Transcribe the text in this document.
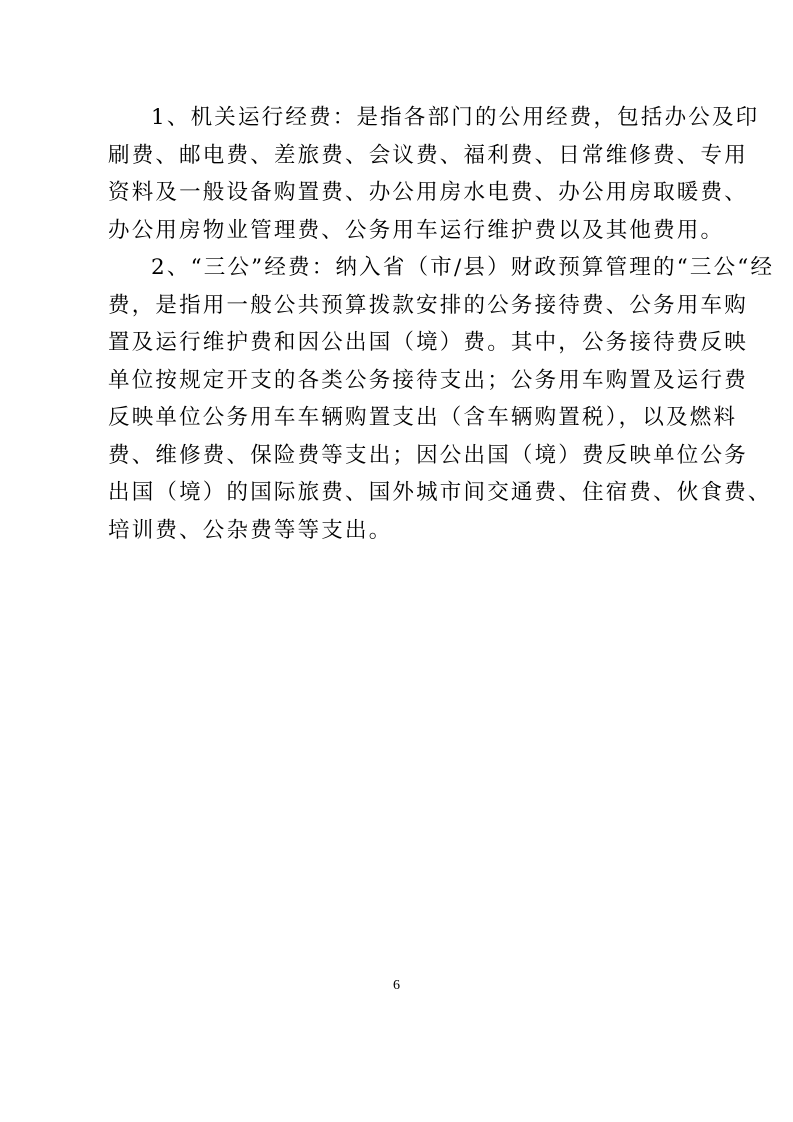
1、机关运行经费：是指各部门的公用经费，包括办公及印
刷费、邮电费、差旅费、会议费、福利费、日常维修费、专用
资料及一般设备购置费、办公用房水电费、办公用房取暖费、
办公用房物业管理费、公务用车运行维护费以及其他费用。
2、“三公”经费：纳入省（市/县）财政预算管理的“三公“经
费，是指用一般公共预算拨款安排的公务接待费、公务用车购
置及运行维护费和因公出国（境）费。其中，公务接待费反映
单位按规定开支的各类公务接待支出；公务用车购置及运行费
反映单位公务用车车辆购置支出（含车辆购置税），以及燃料
费、维修费、保险费等支出；因公出国（境）费反映单位公务
出国（境）的国际旅费、国外城市间交通费、住宿费、伙食费、
培训费、公杂费等等支出。
6
